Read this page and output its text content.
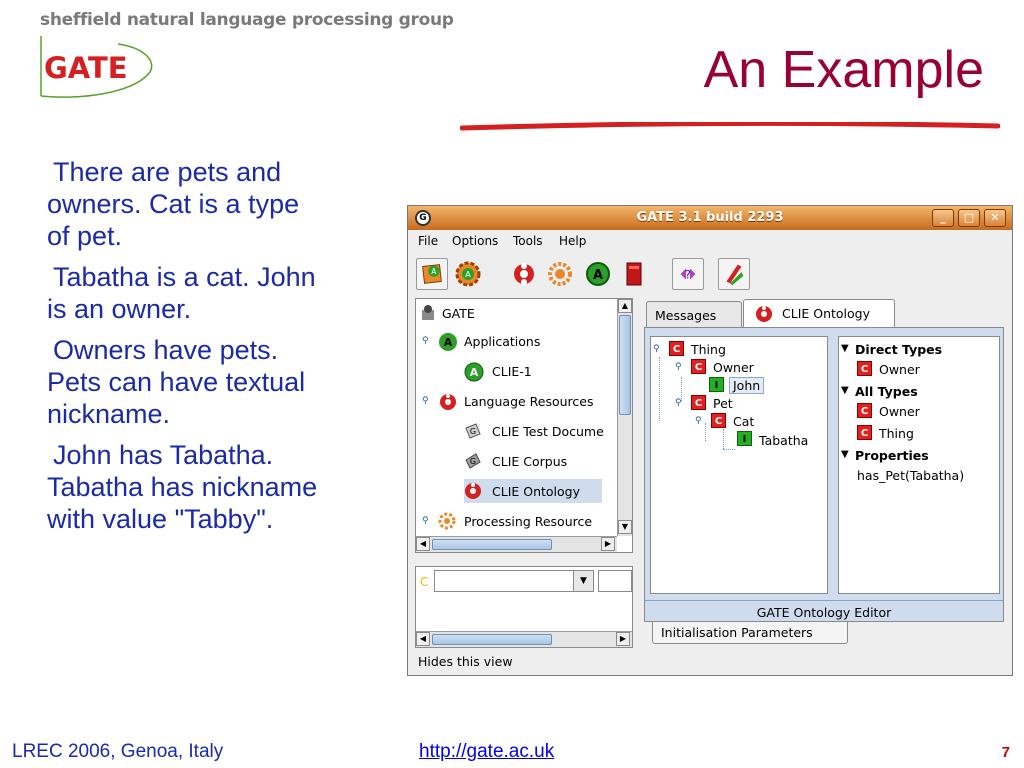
sheffield natural language processing group
GATE	An Example

There are pets and
owners. Cat is a type
of pet.

Tabatha is a cat. John
is an owner.

Owners have pets.
Pets can have textual
nickname.

John has Tabatha.
Tabatha has nickname
with value "Tabby".

LREC 2006, Genoa, Italy	http://gate.ac.uk	7
G	GATE 3.1 build 2293	_	□	✕
File Options Tools Help
A	A	A	?
GATE
⚲ A Applications
A CLIE-1
⚲	Language Resources
G CLIE Test Docume
G CLIE Corpus
CLIE Ontology
⚲	Processing Resource
▲
▼
◀	▶
C	▼
◀	▶
Messages	CLIE Ontology
⚲	C Thing
⚲	C Owner
I	John
⚲	C Pet
⚲	C Cat
I	Tabatha
▼ Direct Types
C Owner
▼ All Types
C Owner
C Thing
▼ Properties
has_Pet(Tabatha)
GATE Ontology Editor
Initialisation Parameters
Hides this view
